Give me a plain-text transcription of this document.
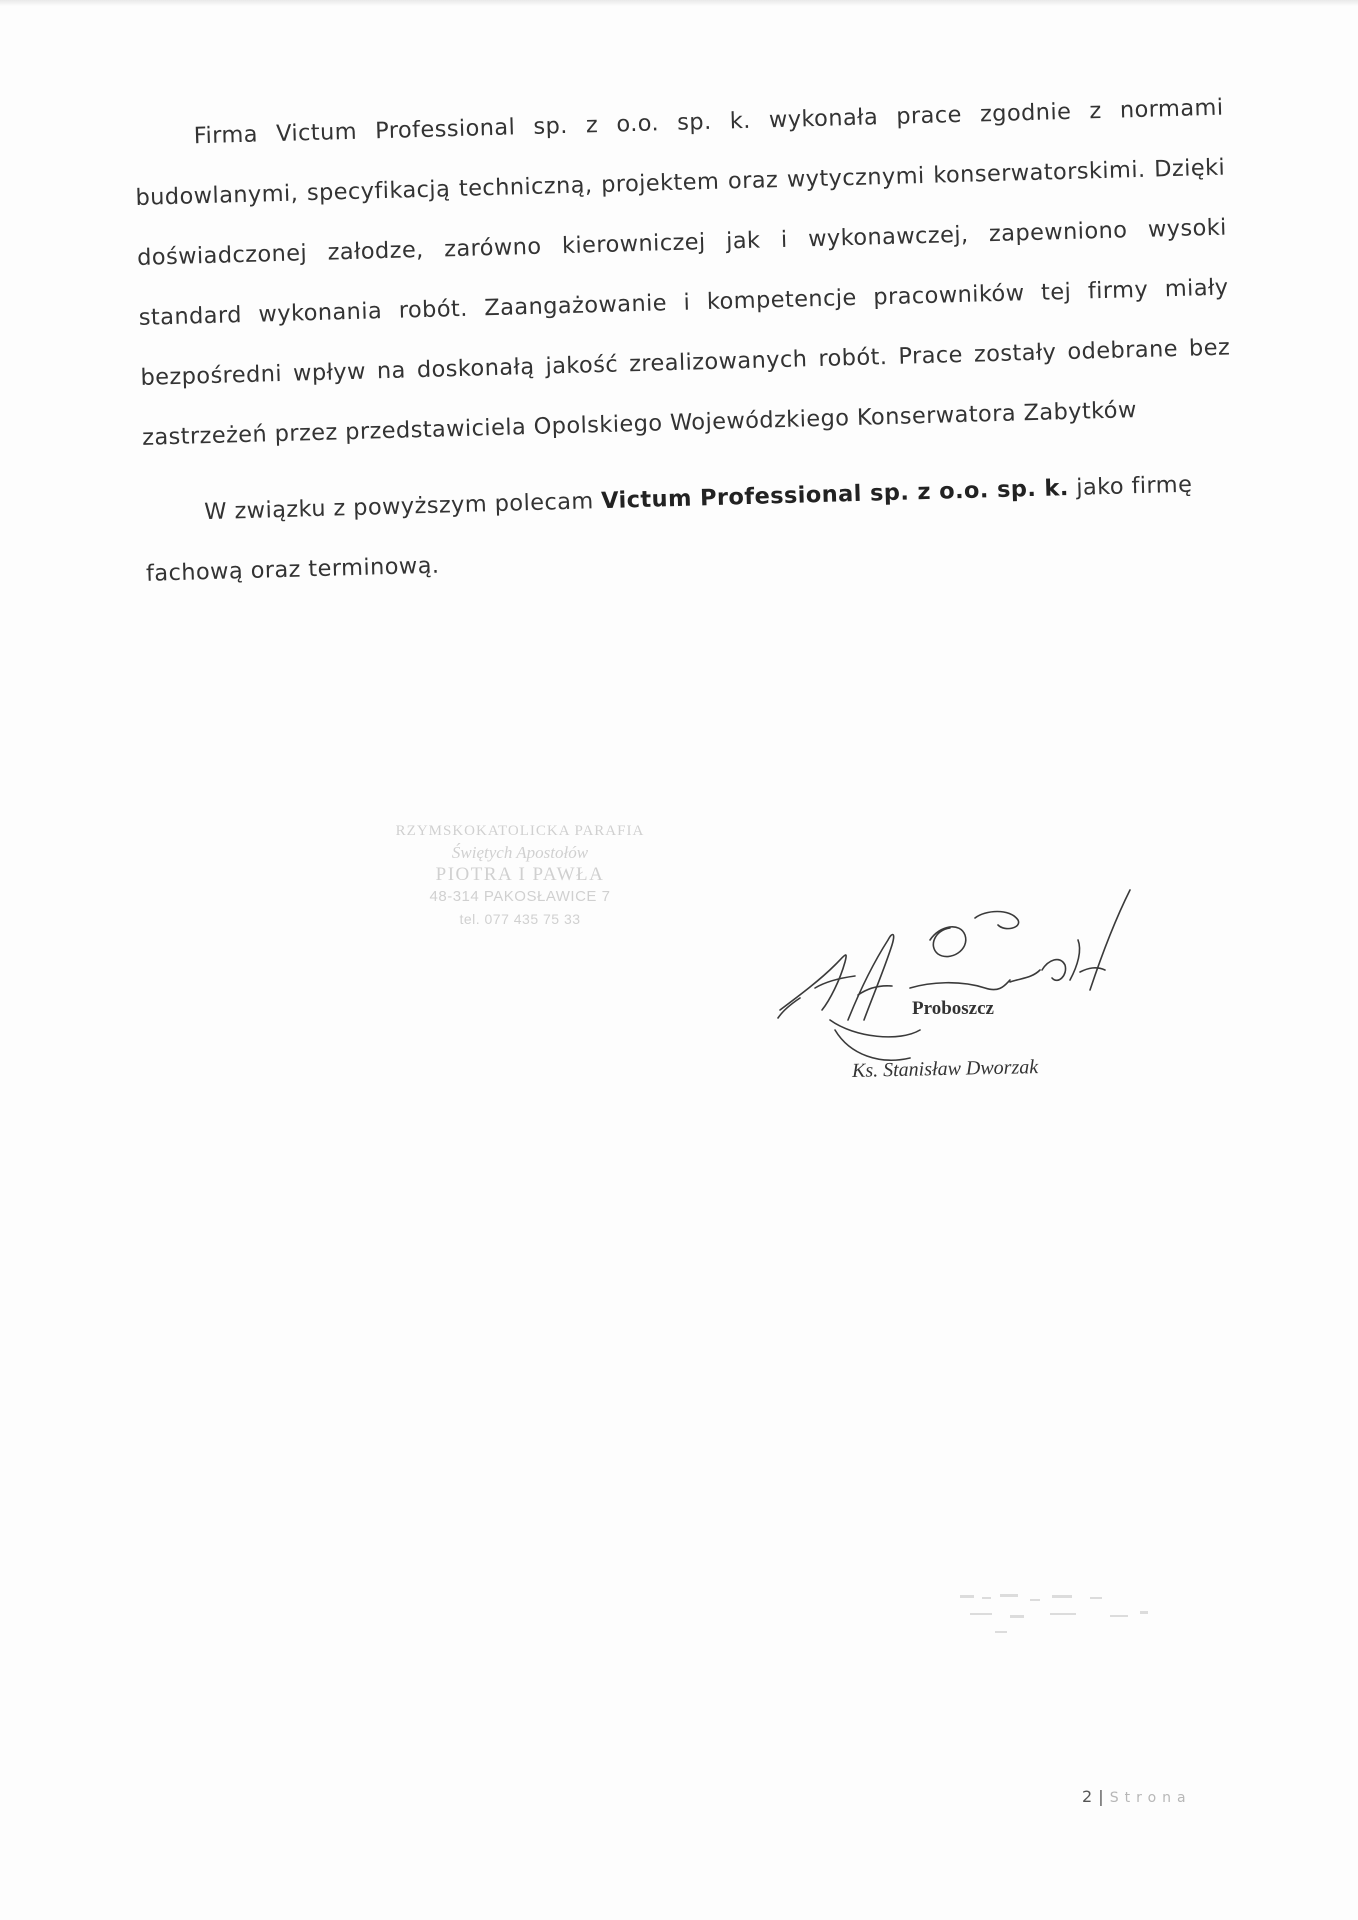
Firma Victum Professional sp. z o.o. sp. k. wykonała prace zgodnie z normami budowlanymi, specyfikacją techniczną, projektem oraz wytycznymi konserwatorskimi. Dzięki doświadczonej załodze, zarówno kierowniczej jak i wykonawczej, zapewniono wysoki standard wykonania robót. Zaangażowanie i kompetencje pracowników tej firmy miały bezpośredni wpływ na doskonałą jakość zrealizowanych robót. Prace zostały odebrane bez zastrzeżeń przez przedstawiciela Opolskiego Wojewódzkiego Konserwatora Zabytków

W związku z powyższym polecam Victum Professional sp. z o.o. sp. k. jako firmę fachową oraz terminową.

RZYMSKOKATOLICKA PARAFIA
Świętych Apostołów
PIOTRA I PAWŁA
48-314 PAKOSŁAWICE 7
tel. 077 435 75 33
Proboszcz
Ks. Stanisław Dworzak
2 | Strona
